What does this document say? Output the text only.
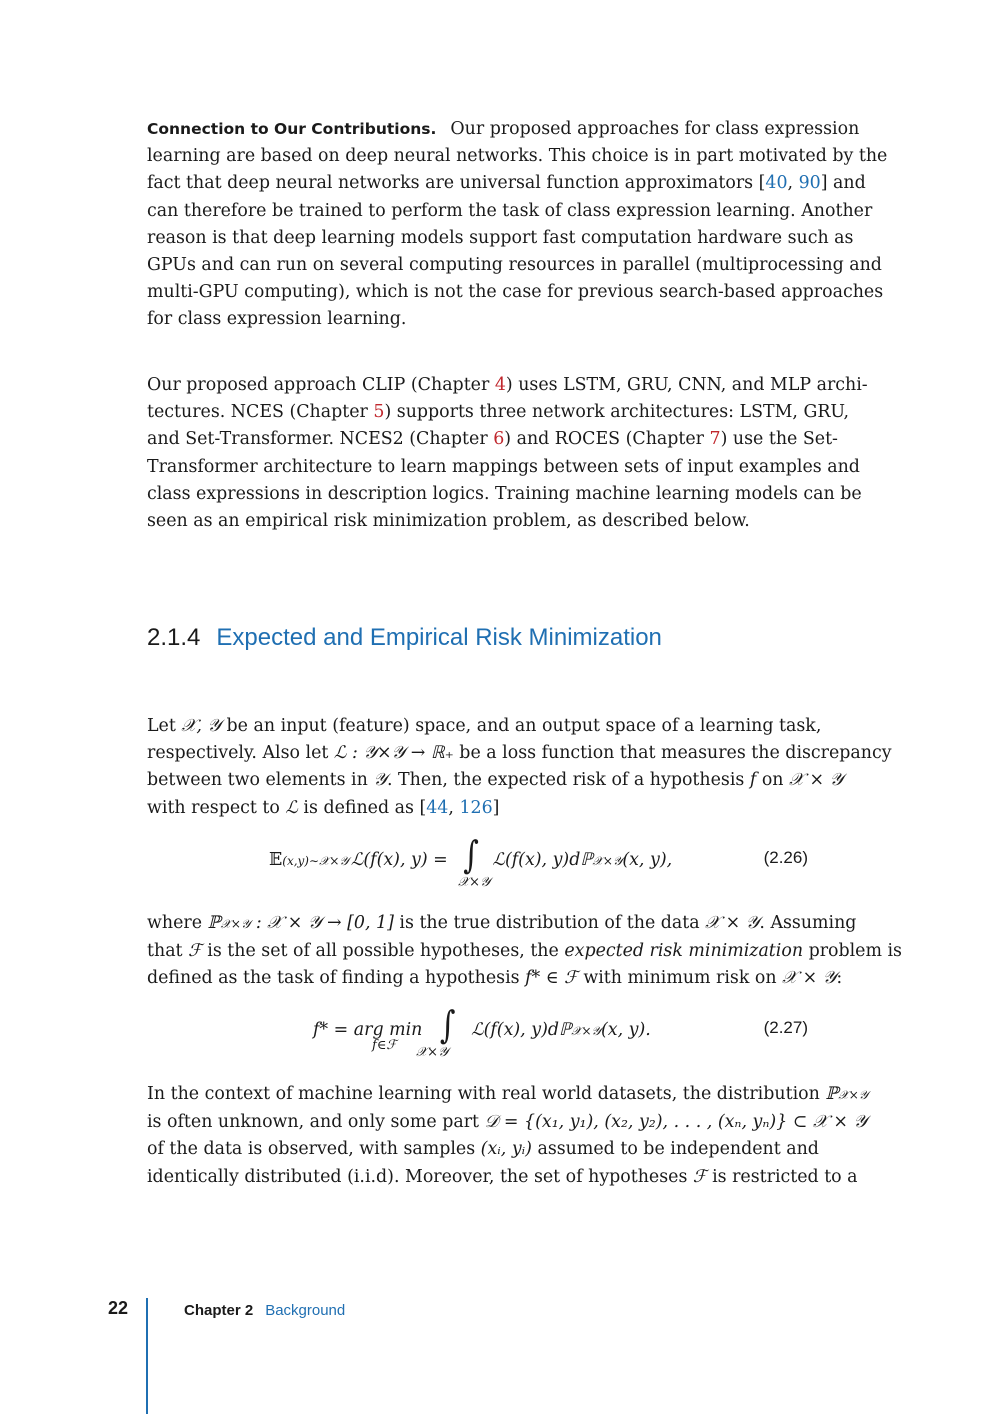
Connection to Our Contributions. Our proposed approaches for class expression
learning are based on deep neural networks. This choice is in part motivated by the
fact that deep neural networks are universal function approximators [40, 90] and
can therefore be trained to perform the task of class expression learning. Another
reason is that deep learning models support fast computation hardware such as
GPUs and can run on several computing resources in parallel (multiprocessing and
multi-GPU computing), which is not the case for previous search-based approaches
for class expression learning.
Our proposed approach CLIP (Chapter 4) uses LSTM, GRU, CNN, and MLP archi-
tectures. NCES (Chapter 5) supports three network architectures: LSTM, GRU,
and Set-Transformer. NCES2 (Chapter 6) and ROCES (Chapter 7) use the Set-
Transformer architecture to learn mappings between sets of input examples and
class expressions in description logics. Training machine learning models can be
seen as an empirical risk minimization problem, as described below.
2.1.4 Expected and Empirical Risk Minimization
Let 𝒳, 𝒴 be an input (feature) space, and an output space of a learning task,
respectively. Also let ℒ : 𝒴×𝒴 → ℝ₊ be a loss function that measures the discrepancy
between two elements in 𝒴. Then, the expected risk of a hypothesis f on 𝒳 × 𝒴
with respect to ℒ is defined as [44, 126]
𝔼(x,y)∼𝒳×𝒴 ℒ(f(x), y) = ∫ ℒ(f(x), y)dℙ𝒳×𝒴(x, y),
𝒳×𝒴
(2.26)
where ℙ𝒳×𝒴 : 𝒳 × 𝒴 → [0, 1] is the true distribution of the data 𝒳 × 𝒴. Assuming
that ℱ is the set of all possible hypotheses, the expected risk minimization problem is
defined as the task of finding a hypothesis f* ∈ ℱ with minimum risk on 𝒳 × 𝒴:
f* = arg min ∫ ℒ(f(x), y)dℙ𝒳×𝒴(x, y).
f∈ℱ 𝒳×𝒴
(2.27)
In the context of machine learning with real world datasets, the distribution ℙ𝒳×𝒴
is often unknown, and only some part 𝒟 = {(x₁, y₁), (x₂, y₂), . . . , (xₙ, yₙ)} ⊂ 𝒳 × 𝒴
of the data is observed, with samples (xᵢ, yᵢ) assumed to be independent and
identically distributed (i.i.d). Moreover, the set of hypotheses ℱ is restricted to a
22	Chapter 2 Background
